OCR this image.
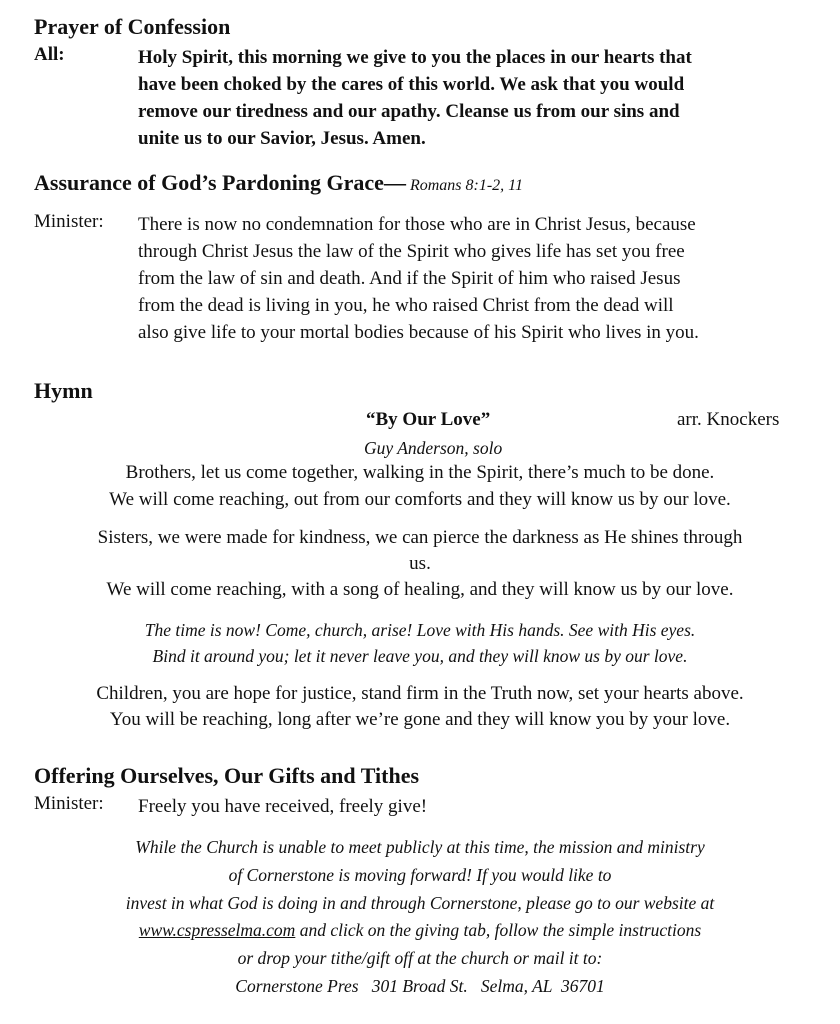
Prayer of Confession
All:	Holy Spirit, this morning we give to you the places in our hearts that
have been choked by the cares of this world. We ask that you would
remove our tiredness and our apathy. Cleanse us from our sins and
unite us to our Savior, Jesus. Amen.
Assurance of God’s Pardoning Grace— Romans 8:1-2, 11
Minister: There is now no condemnation for those who are in Christ Jesus, because
through Christ Jesus the law of the Spirit who gives life has set you free
from the law of sin and death. And if the Spirit of him who raised Jesus
from the dead is living in you, he who raised Christ from the dead will
also give life to your mortal bodies because of his Spirit who lives in you.
Hymn
“By Our Love”	arr. Knockers
Guy Anderson, solo
Brothers, let us come together, walking in the Spirit, there’s much to be done.
We will come reaching, out from our comforts and they will know us by our love.
Sisters, we were made for kindness, we can pierce the darkness as He shines through
us.
We will come reaching, with a song of healing, and they will know us by our love.
The time is now! Come, church, arise! Love with His hands. See with His eyes.
Bind it around you; let it never leave you, and they will know us by our love.
Children, you are hope for justice, stand firm in the Truth now, set your hearts above.
You will be reaching, long after we’re gone and they will know you by your love.
Offering Ourselves, Our Gifts and Tithes
Minister: Freely you have received, freely give!
While the Church is unable to meet publicly at this time, the mission and ministry
of Cornerstone is moving forward! If you would like to
invest in what God is doing in and through Cornerstone, please go to our website at
www.cspresselma.com and click on the giving tab, follow the simple instructions
or drop your tithe/gift off at the church or mail it to:
Cornerstone Pres   301 Broad St.   Selma, AL  36701
